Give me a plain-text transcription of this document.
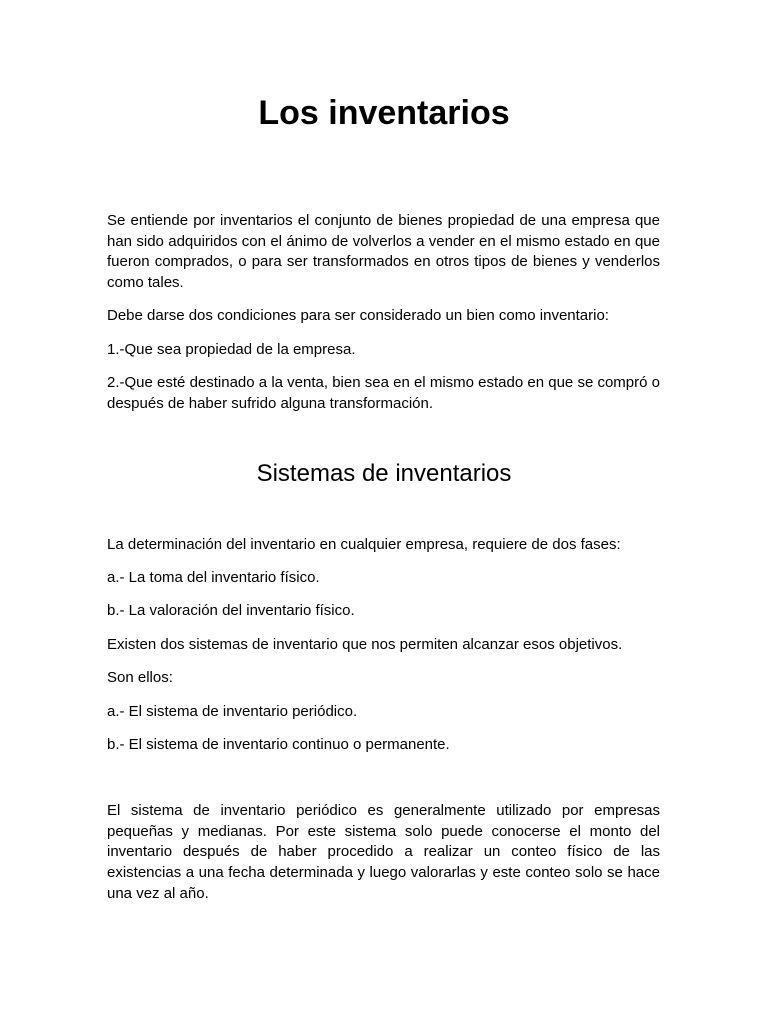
Los inventarios

Se entiende por inventarios el conjunto de bienes propiedad de una empresa que han sido adquiridos con el ánimo de volverlos a vender en el mismo estado en que fueron comprados, o para ser transformados en otros tipos de bienes y venderlos como tales.

Debe darse dos condiciones para ser considerado un bien como inventario:

1.-Que sea propiedad de la empresa.

2.-Que esté destinado a la venta, bien sea en el mismo estado en que se compró o después de haber sufrido alguna transformación.

Sistemas de inventarios

La determinación del inventario en cualquier empresa, requiere de dos fases:

a.- La toma del inventario físico.

b.- La valoración del inventario físico.

Existen dos sistemas de inventario que nos permiten alcanzar esos objetivos.

Son ellos:

a.- El sistema de inventario periódico.

b.- El sistema de inventario continuo o permanente.

El sistema de inventario periódico es generalmente utilizado por empresas pequeñas y medianas. Por este sistema solo puede conocerse el monto del inventario después de haber procedido a realizar un conteo físico de las existencias a una fecha determinada y luego valorarlas y este conteo solo se hace una vez al año.
